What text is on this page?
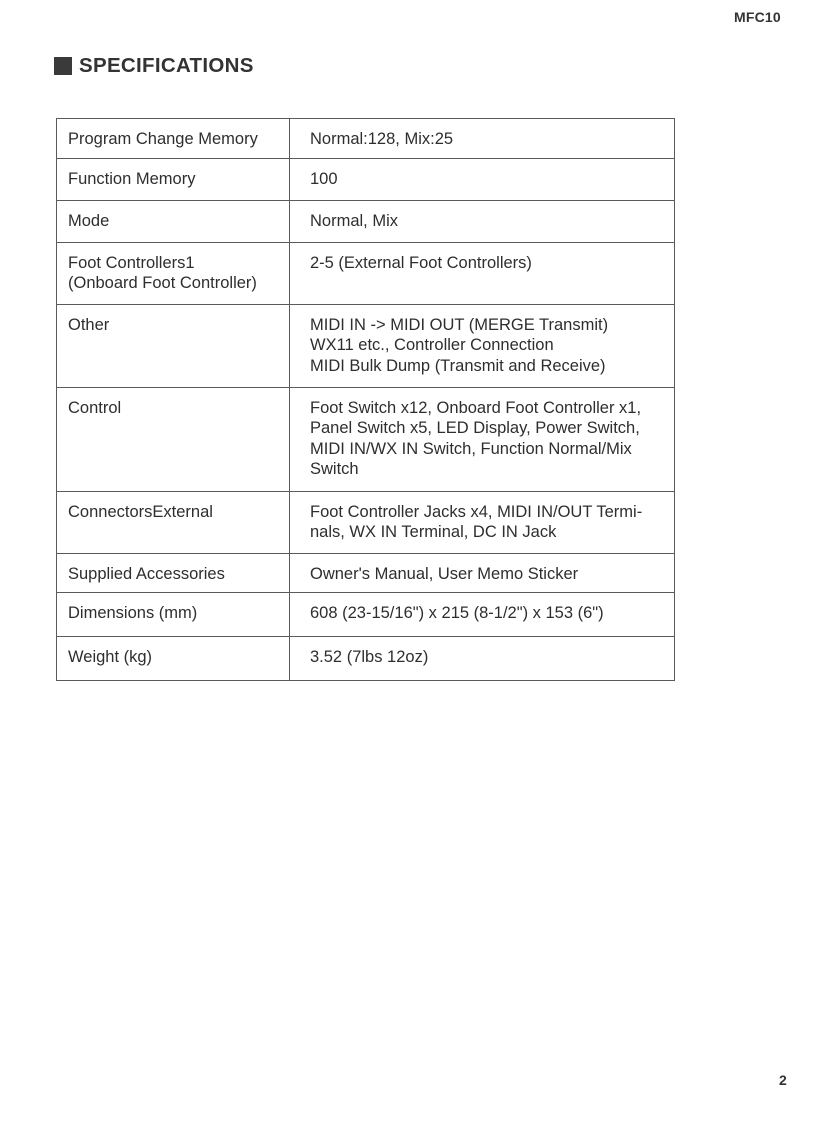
MFC10
SPECIFICATIONS
Program Change Memory	Normal:128, Mix:25

Function Memory	100

Mode	Normal, Mix

Foot Controllers1
(Onboard Foot Controller)	2-5 (External Foot Controllers)

Other	MIDI IN -> MIDI OUT (MERGE Transmit)
WX11 etc., Controller Connection
MIDI Bulk Dump (Transmit and Receive)

Control	Foot Switch x12, Onboard Foot Controller x1,
Panel Switch x5, LED Display, Power Switch,
MIDI IN/WX IN Switch, Function Normal/Mix
Switch

ConnectorsExternal	Foot Controller Jacks x4, MIDI IN/OUT Termi-
nals, WX IN Terminal, DC IN Jack

Supplied Accessories	Owner's Manual, User Memo Sticker

Dimensions (mm)	608 (23-15/16") x 215 (8-1/2") x 153 (6")

Weight (kg)	3.52 (7lbs 12oz)
2
